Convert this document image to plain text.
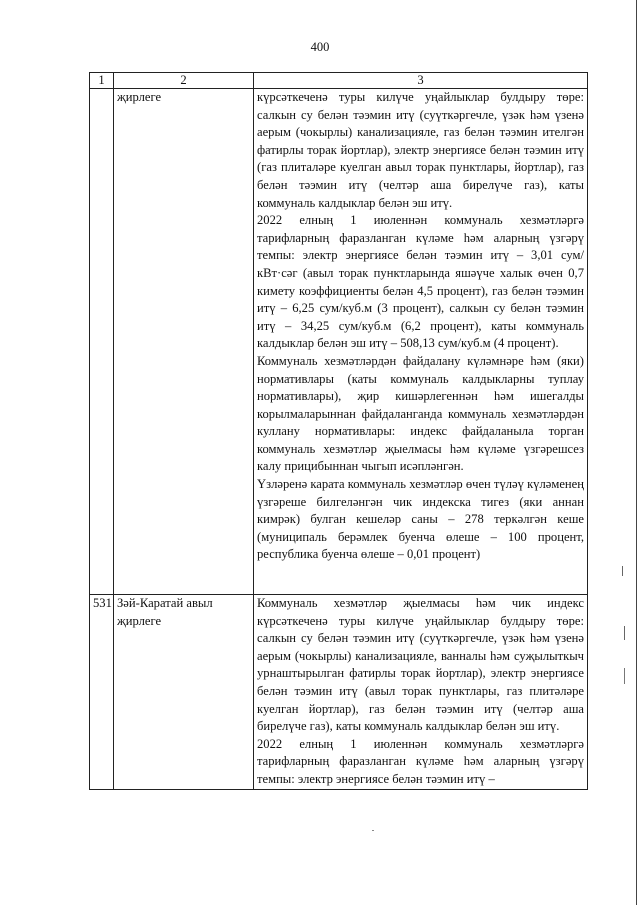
400
1	2	3
	җирлеге	күрсәткеченә туры килүче уңайлыклар булдыру төре: салкын су белән тәэмин итү (суүткәргечле, үзәк һәм үзенә аерым (чокырлы) канализацияле, газ белән тәэмин ителгән фатирлы торак йортлар), электр энергиясе белән тәэмин итү (газ плиталәре куелган авыл торак пунктлары, йортлар), газ белән тәэмин итү (челтәр аша бирелүче газ), каты коммуналь калдыклар белән эш итү.
2022 елның 1 июленнән коммуналь хезмәтләргә тарифларның фаразланган күләме һәм аларның үзгәрү темпы: электр энергиясе белән тәэмин итү – 3,01 сум/кВт·сәг (авыл торак пунктларында яшәүче халык өчен 0,7 кимету коэффициенты белән 4,5 процент), газ белән тәэмин итү – 6,25 сум/куб.м (3 процент), салкын су белән тәэмин итү – 34,25 сум/куб.м (6,2 процент), каты коммуналь калдыклар белән эш итү – 508,13 сум/куб.м (4 процент).
Коммуналь хезмәтләрдән файдалану күләмнәре һәм (яки) нормативлары (каты коммуналь калдыкларны туплау нормативлары), җир кишәрлегеннән һәм ишегалды корылмаларыннан файдаланганда коммуналь хезмәтләрдән куллану нормативлары: индекс файдаланыла торган коммуналь хезмәтләр җыелмасы һәм күләме үзгәрешсез калу прицибыннан чыгып исәпләнгән.
Үзләренә карата коммуналь хезмәтләр өчен түләү күләменең үзгәреше билгеләнгән чик индекска тигез (яки аннан кимрәк) булган кешеләр саны – 278 теркәлгән кеше (муниципаль берәмлек буенча өлеше – 100 процент, республика буенча өлеше – 0,01 процент)

531	Зәй-Каратай авыл җирлеге	Коммуналь хезмәтләр җыелмасы һәм чик индекс күрсәткеченә туры килүче уңайлыклар булдыру төре: салкын су белән тәэмин итү (суүткәргечле, үзәк һәм үзенә аерым (чокырлы) канализацияле, ванналы һәм суҗылыткыч урнаштырылган фатирлы торак йортлар), электр энергиясе белән тәэмин итү (авыл торак пунктлары, газ плитәләре куелган йортлар), газ белән тәэмин итү (челтәр аша бирелүче газ), каты коммуналь калдыклар белән эш итү.
2022 елның 1 июленнән коммуналь хезмәтләргә тарифларның фаразланган күләме һәм аларның үзгәрү темпы: электр энергиясе белән тәэмин итү –
